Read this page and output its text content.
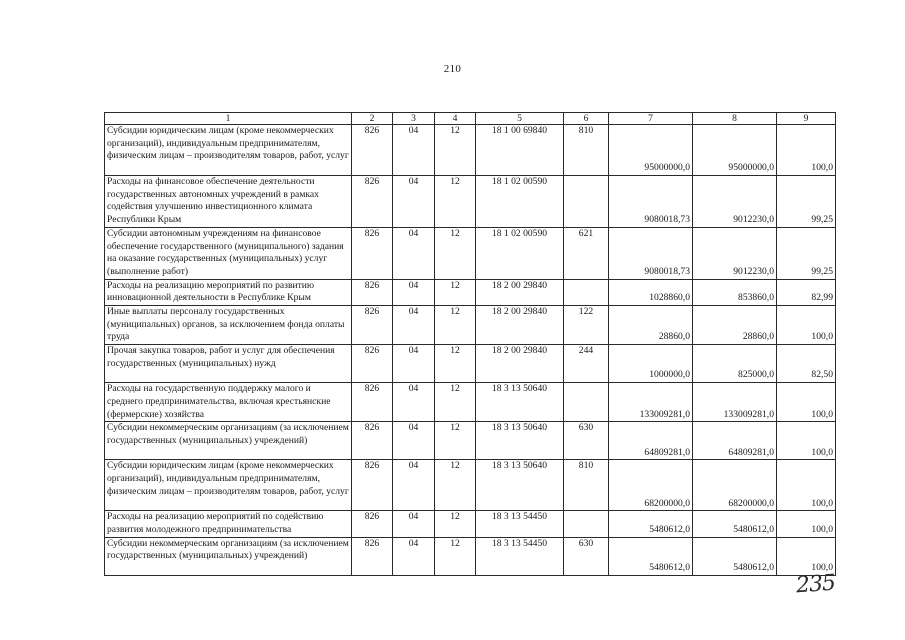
210
1	2	3	4	5	6	7	8	9
Субсидии юридическим лицам (кроме некоммерческих организаций), индивидуальным предпринимателям, физическим лицам – производителям товаров, работ, услуг	826	04	12	18 1 00 69840	810	95000000,0	95000000,0	100,0
Расходы на финансовое обеспечение деятельности государственных автономных учреждений в рамках содействия улучшению инвестиционного климата Республики Крым	826	04	12	18 1 02 00590		9080018,73	9012230,0	99,25
Субсидии автономным учреждениям на финансовое обеспечение государственного (муниципального) задания на оказание государственных (муниципальных) услуг (выполнение работ)	826	04	12	18 1 02 00590	621	9080018,73	9012230,0	99,25
Расходы на реализацию мероприятий по развитию инновационной деятельности в Республике Крым	826	04	12	18 2 00 29840		1028860,0	853860,0	82,99
Иные выплаты персоналу государственных (муниципальных) органов, за исключением фонда оплаты труда	826	04	12	18 2 00 29840	122	28860,0	28860,0	100,0
Прочая закупка товаров, работ и услуг для обеспечения государственных (муниципальных) нужд	826	04	12	18 2 00 29840	244	1000000,0	825000,0	82,50
Расходы на государственную поддержку малого и среднего предпринимательства, включая крестьянские (фермерские) хозяйства	826	04	12	18 3 13 50640		133009281,0	133009281,0	100,0
Субсидии некоммерческим организациям (за исключением государственных (муниципальных) учреждений)	826	04	12	18 3 13 50640	630	64809281,0	64809281,0	100,0
Субсидии юридическим лицам (кроме некоммерческих организаций), индивидуальным предпринимателям, физическим лицам – производителям товаров, работ, услуг	826	04	12	18 3 13 50640	810	68200000,0	68200000,0	100,0
Расходы на реализацию мероприятий по содействию развития молодежного предпринимательства	826	04	12	18 3 13 54450		5480612,0	5480612,0	100,0
Субсидии некоммерческим организациям (за исключением государственных (муниципальных) учреждений)	826	04	12	18 3 13 54450	630	5480612,0	5480612,0	100,0
235
